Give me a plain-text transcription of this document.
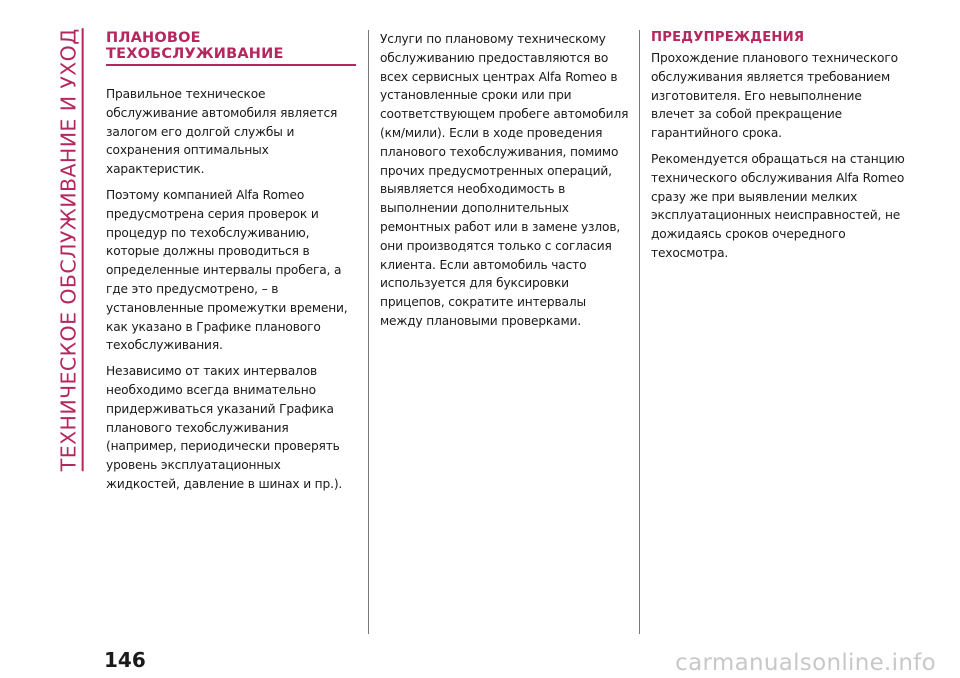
ТЕХНИЧЕСКОЕ ОБСЛУЖИВАНИЕ И УХОД ПЛАНОВОЕ
ТЕХОБСЛУЖИВАНИЕ

Правильное техническое обслуживание автомобиля является залогом его долгой службы и сохранения оптимальных характеристик.

Поэтому компанией Alfa Romeo предусмотрена серия проверок и процедур по техобслуживанию, которые должны проводиться в определенные интервалы пробега, а где это предусмотрено, – в установленные промежутки времени, как указано в Графике планового техобслуживания.

Независимо от таких интервалов необходимо всегда внимательно придерживаться указаний Графика планового техобслуживания (например, периодически проверять уровень эксплуатационных жидкостей, давление в шинах и пр.).

Услуги по плановому техническому обслуживанию предоставляются во всех сервисных центрах Alfa Romeo в установленные сроки или при соответствующем пробеге автомобиля (км/мили). Если в ходе проведения планового техобслуживания, помимо прочих предусмотренных операций, выявляется необходимость в выполнении дополнительных ремонтных работ или в замене узлов, они производятся только с согласия клиента. Если автомобиль часто используется для буксировки прицепов, сократите интервалы между плановыми проверками.

ПРЕДУПРЕЖДЕНИЯ

Прохождение планового технического обслуживания является требованием изготовителя. Его невыполнение влечет за собой прекращение гарантийного срока.

Рекомендуется обращаться на станцию технического обслуживания Alfa Romeo сразу же при выявлении мелких эксплуатационных неисправностей, не дожидаясь сроков очередного техосмотра.

146	carmanualsonline.info
